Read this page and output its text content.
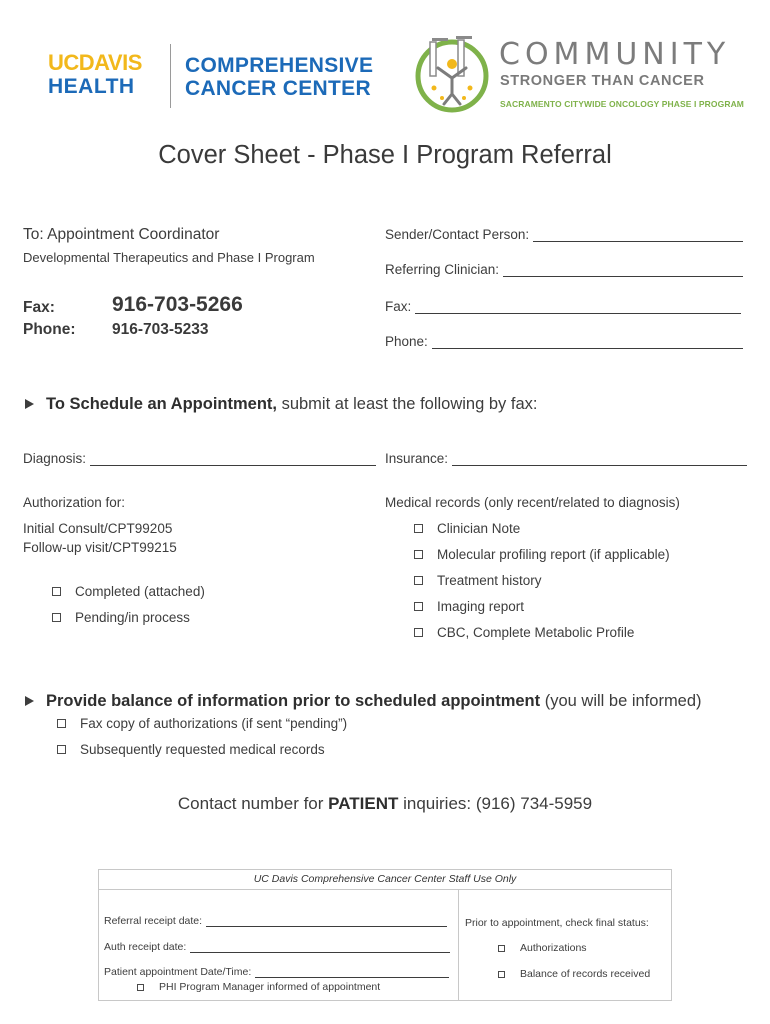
UCDAVIS
HEALTH
COMPREHENSIVE
CANCER CENTER
COMMUNITY
STRONGER THAN CANCER
SACRAMENTO CITYWIDE ONCOLOGY PHASE I PROGRAM
Cover Sheet - Phase I Program Referral
To: Appointment Coordinator
Developmental Therapeutics and Phase I Program
Fax:	916-703-5266
Phone: 916-703-5233
Sender/Contact Person:
Referring Clinician:
Fax:
Phone:
To Schedule an Appointment, submit at least the following by fax:
Diagnosis:	Insurance:
Authorization for:
Initial Consult/CPT99205
Follow-up visit/CPT99215
Completed (attached)
Pending/in process
Medical records (only recent/related to diagnosis)
Clinician Note
Molecular profiling report (if applicable)
Treatment history
Imaging report
CBC, Complete Metabolic Profile
Provide balance of information prior to scheduled appointment (you will be informed)
Fax copy of authorizations (if sent “pending”)
Subsequently requested medical records
Contact number for PATIENT inquiries: (916) 734-5959
UC Davis Comprehensive Cancer Center Staff Use Only
Referral receipt date:
Auth receipt date:
Patient appointment Date/Time:
PHI Program Manager informed of appointment
Prior to appointment, check final status:
Authorizations
Balance of records received
